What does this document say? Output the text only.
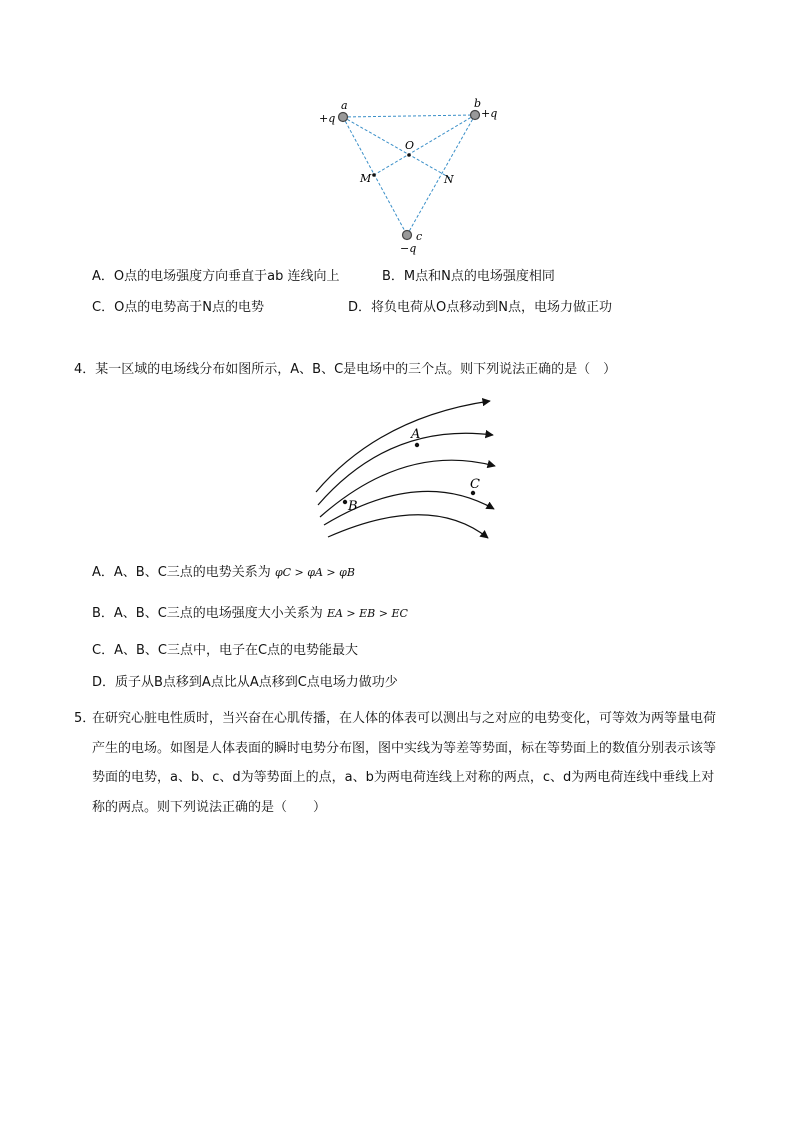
a
+q
b
+q
O
M	N
c
−q
A．O点的电场强度方向垂直于ab 连线向上	B．M点和N点的电场强度相同
C．O点的电势高于N点的电势	D．将负电荷从O点移动到N点，电场力做正功
4．某一区域的电场线分布如图所示，A、B、C是电场中的三个点。则下列说法正确的是（　）
A
B
C
A．A、B、C三点的电势关系为 φC > φA > φB
B．A、B、C三点的电场强度大小关系为 EA > EB > EC
C．A、B、C三点中，电子在C点的电势能最大
D．质子从B点移到A点比从A点移到C点电场力做功少
5．
在研究心脏电性质时，当兴奋在心肌传播，在人体的体表可以测出与之对应的电势变化，可等效为两等量电荷产生的电场。如图是人体表面的瞬时电势分布图，图中实线为等差等势面，标在等势面上的数值分别表示该等势面的电势，a、b、c、d为等势面上的点，a、b为两电荷连线上对称的两点，c、d为两电荷连线中垂线上对称的两点。则下列说法正确的是（　　）
